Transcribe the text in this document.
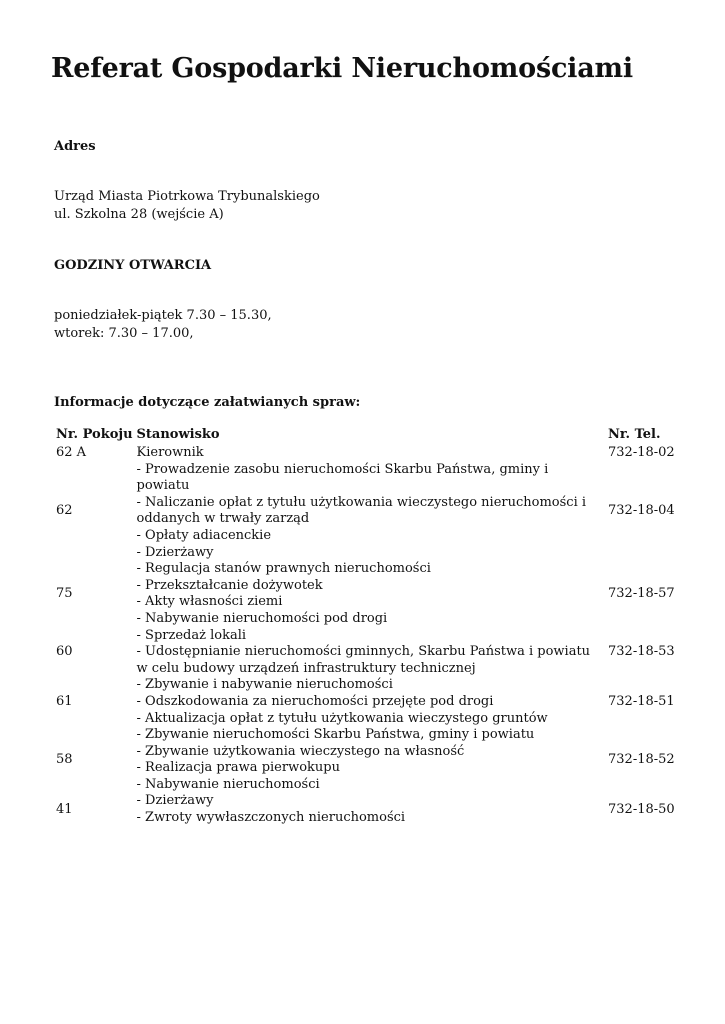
Referat Gospodarki Nieruchomościami
Adres
Urząd Miasta Piotrkowa Trybunalskiego
ul. Szkolna 28 (wejście A)
GODZINY OTWARCIA
poniedziałek-piątek 7.30 – 15.30,
wtorek: 7.30 – 17.00,
Informacje dotyczące załatwianych spraw:
Nr. Pokoju	Stanowisko	Nr. Tel.
62 A	Kierownik	732-18-02
62	- Prowadzenie zasobu nieruchomości Skarbu Państwa, gminy i powiatu
- Naliczanie opłat z tytułu użytkowania wieczystego nieruchomości i oddanych w trwały zarząd
- Opłaty adiacenckie
- Dzierżawy	732-18-04
75	- Regulacja stanów prawnych nieruchomości
- Przekształcanie dożywotek
- Akty własności ziemi
- Nabywanie nieruchomości pod drogi	732-18-57
60	- Sprzedaż lokali
- Udostępnianie nieruchomości gminnych, Skarbu Państwa i powiatu w celu budowy urządzeń infrastruktury technicznej	732-18-53
61	- Zbywanie i nabywanie nieruchomości
- Odszkodowania za nieruchomości przejęte pod drogi
- Aktualizacja opłat z tytułu użytkowania wieczystego gruntów	732-18-51
58	- Zbywanie nieruchomości Skarbu Państwa, gminy i powiatu
- Zbywanie użytkowania wieczystego na własność
- Realizacja prawa pierwokupu
- Nabywanie nieruchomości	732-18-52
41	- Dzierżawy
- Zwroty wywłaszczonych nieruchomości	732-18-50
